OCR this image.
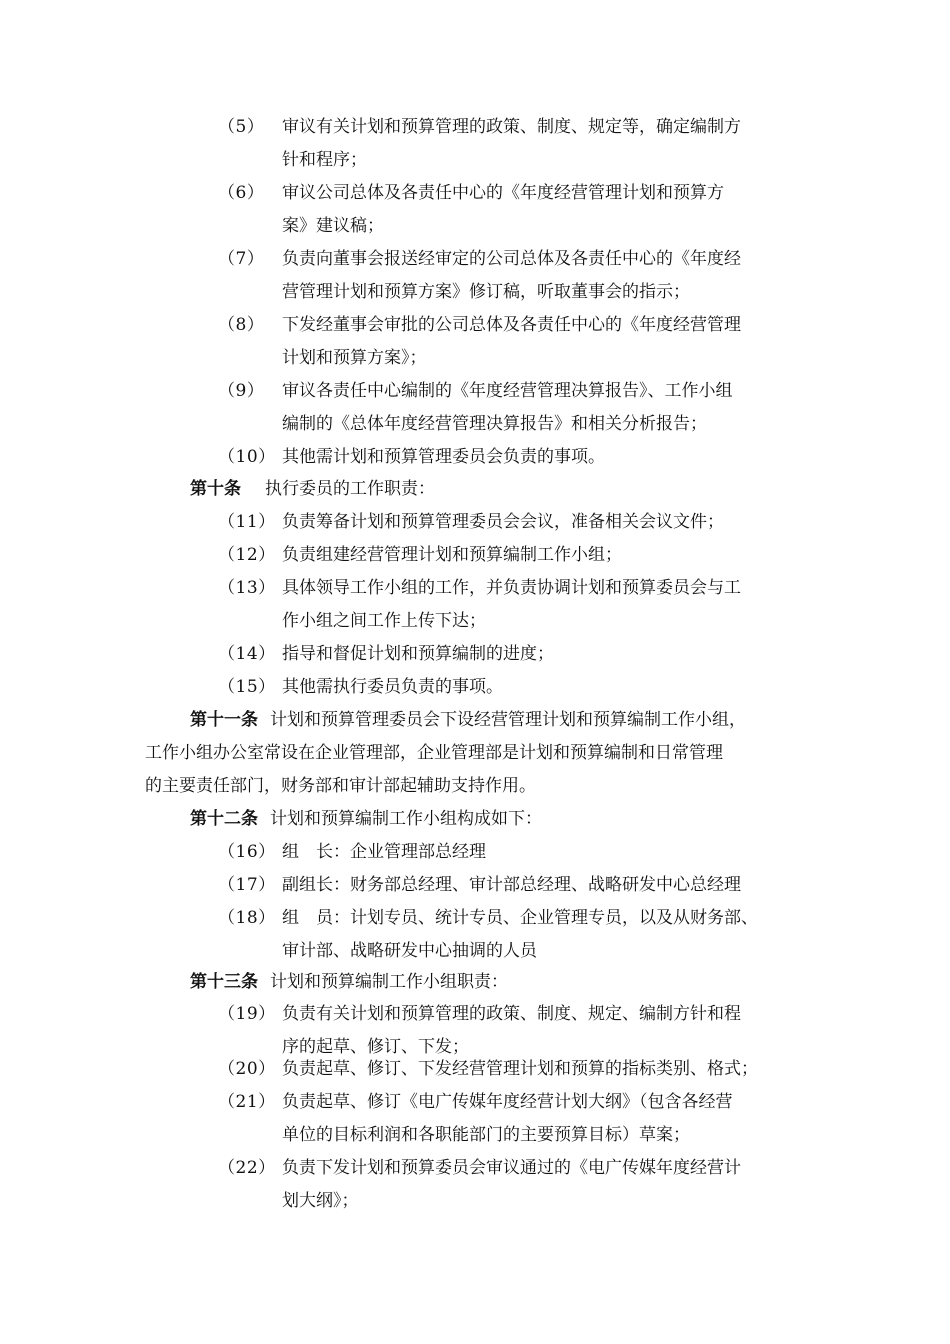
（5）	审议有关计划和预算管理的政策、制度、规定等，确定编制方
针和程序；
（6）	审议公司总体及各责任中心的《年度经营管理计划和预算方
案》建议稿；
（7）	负责向董事会报送经审定的公司总体及各责任中心的《年度经
营管理计划和预算方案》修订稿，听取董事会的指示；
（8）	下发经董事会审批的公司总体及各责任中心的《年度经营管理
计划和预算方案》；
（9）	审议各责任中心编制的《年度经营管理决算报告》、工作小组
编制的《总体年度经营管理决算报告》和相关分析报告；
（10） 其他需计划和预算管理委员会负责的事项。
第十条 执行委员的工作职责：
（11） 负责筹备计划和预算管理委员会会议，准备相关会议文件；
（12） 负责组建经营管理计划和预算编制工作小组；
（13） 具体领导工作小组的工作，并负责协调计划和预算委员会与工
作小组之间工作上传下达；
（14） 指导和督促计划和预算编制的进度；
（15） 其他需执行委员负责的事项。
第十一条 计划和预算管理委员会下设经营管理计划和预算编制工作小组，
工作小组办公室常设在企业管理部，企业管理部是计划和预算编制和日常管理
的主要责任部门，财务部和审计部起辅助支持作用。
第十二条 计划和预算编制工作小组构成如下：
（16） 组　长：企业管理部总经理
（17） 副组长：财务部总经理、审计部总经理、战略研发中心总经理
（18） 组　员：计划专员、统计专员、企业管理专员，以及从财务部、
审计部、战略研发中心抽调的人员
第十三条 计划和预算编制工作小组职责：
（19） 负责有关计划和预算管理的政策、制度、规定、编制方针和程
序的起草、修订、下发；
（20） 负责起草、修订、下发经营管理计划和预算的指标类别、格式；
（21） 负责起草、修订《电广传媒年度经营计划大纲》（包含各经营
单位的目标利润和各职能部门的主要预算目标）草案；
（22） 负责下发计划和预算委员会审议通过的《电广传媒年度经营计
划大纲》；
